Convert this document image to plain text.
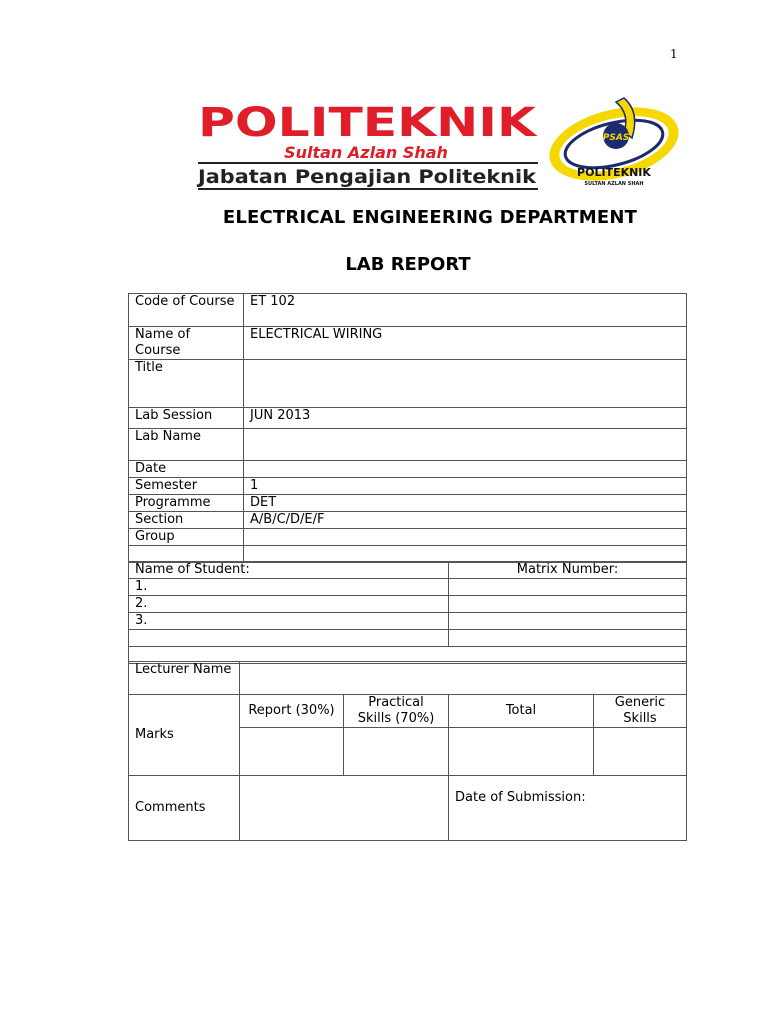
1
POLITEKNIK
Sultan Azlan Shah
Jabatan Pengajian Politeknik
PSAS
POLITEKNIK
SULTAN AZLAN SHAH
ELECTRICAL ENGINEERING DEPARTMENT
LAB REPORT
Code of Course	ET 102
Name of Course	ELECTRICAL WIRING
Title	
Lab Session	JUN 2013
Lab Name	
Date	
Semester	1
Programme	DET
Section	A/B/C/D/E/F
Group	

Name of Student:	Matrix Number:
1.	
2.	
3.	

Lecturer Name				
Marks	Report (30%)	Practical Skills (70%)	Total	Generic Skills

Comments			Date of Submission:	
